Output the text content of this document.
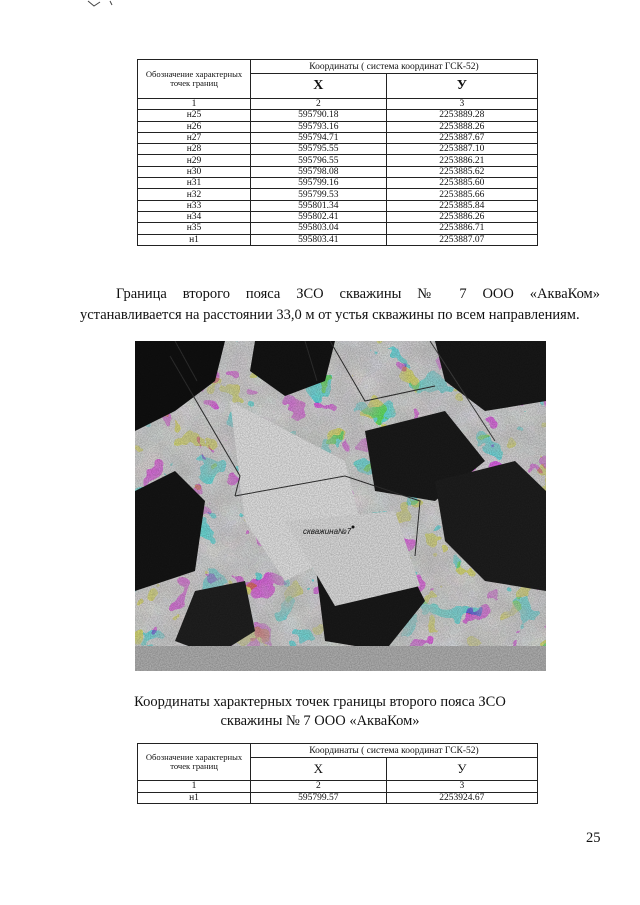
Обозначение характерных точек границ	Координаты ( система координат ГСК-52)	
	X	У
1	2	3
н25	595790.18	2253889.28
н26	595793.16	2253888.26
н27	595794.71	2253887.67
н28	595795.55	2253887.10
н29	595796.55	2253886.21
н30	595798.08	2253885.62
н31	595799.16	2253885.60
н32	595799.53	2253885.66
н33	595801.34	2253885.84
н34	595802.41	2253886.26
н35	595803.04	2253886.71
н1	595803.41	2253887.07
Граница второго пояса ЗСО скважины № 7 ООО «АкваКом»
устанавливается на расстоянии 33,0 м от устья скважины по всем направлениям.
скважина№7
Координаты характерных точек границы второго пояса ЗСО
скважины № 7 ООО «АкваКом»
Обозначение характерных точек границ	Координаты ( система координат ГСК-52)	
	X	У
1	2	3
н1	595799.57	2253924.67
25
